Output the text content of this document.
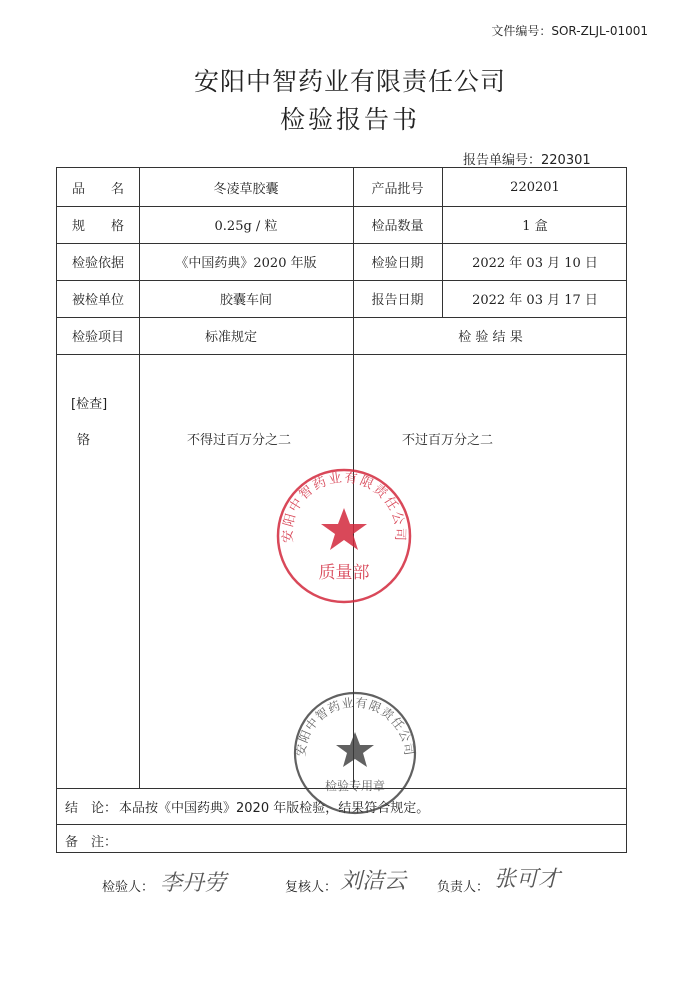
文件编号：SOR-ZLJL-01001
安阳中智药业有限责任公司
检验报告书
报告单编号：220301
品　　名	冬凌草胶囊	产品批号	220201
规　　格	0.25g / 粒	检品数量	1 盒
检验依据	《中国药典》2020 年版	检验日期	2022 年 03 月 10 日
被检单位	胶囊车间	报告日期	2022 年 03 月 17 日
检验项目	标准规定	检 验 结 果
[检查]
铬	不得过百万分之二	不过百万分之二
结　论： 本品按《中国药典》2020 年版检验，结果符合规定。
备　注：
安阳中智药业有限责任公司
质量部
安阳中智药业有限责任公司
检验专用章
检验人： 李丹劳	复核人： 刘洁云 负责人： 张可才
